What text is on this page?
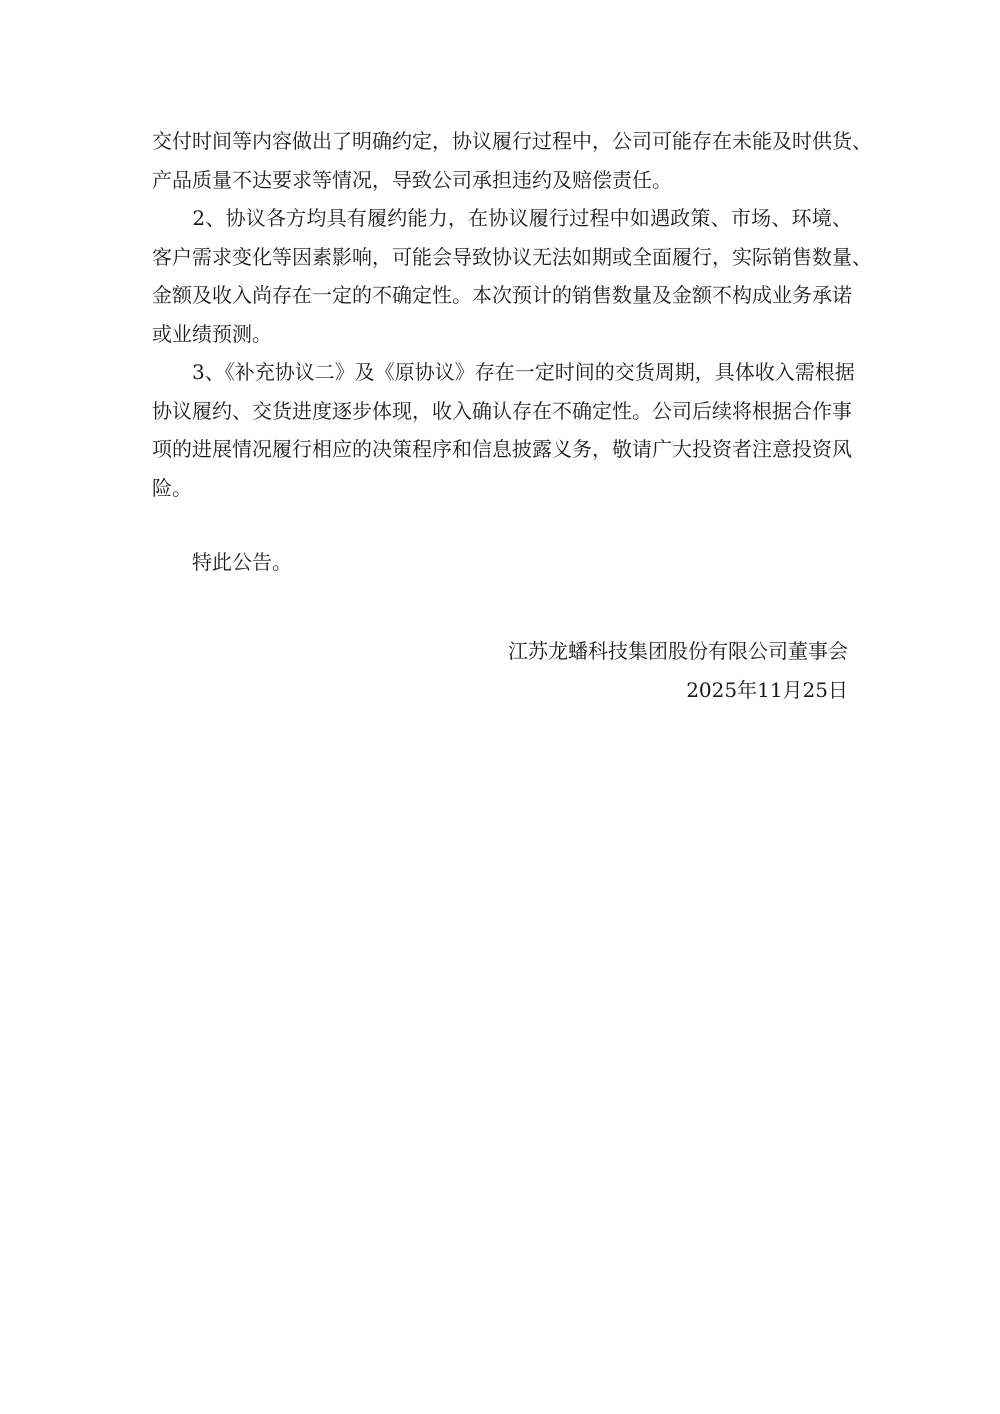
交付时间等内容做出了明确约定，协议履行过程中，公司可能存在未能及时供货、
产品质量不达要求等情况，导致公司承担违约及赔偿责任。
　　2、协议各方均具有履约能力，在协议履行过程中如遇政策、市场、环境、
客户需求变化等因素影响，可能会导致协议无法如期或全面履行，实际销售数量、
金额及收入尚存在一定的不确定性。本次预计的销售数量及金额不构成业务承诺
或业绩预测。
　　3、《补充协议二》及《原协议》存在一定时间的交货周期，具体收入需根据
协议履约、交货进度逐步体现，收入确认存在不确定性。公司后续将根据合作事
项的进展情况履行相应的决策程序和信息披露义务，敬请广大投资者注意投资风
险。
特此公告。
江苏龙蟠科技集团股份有限公司董事会
2025年11月25日
